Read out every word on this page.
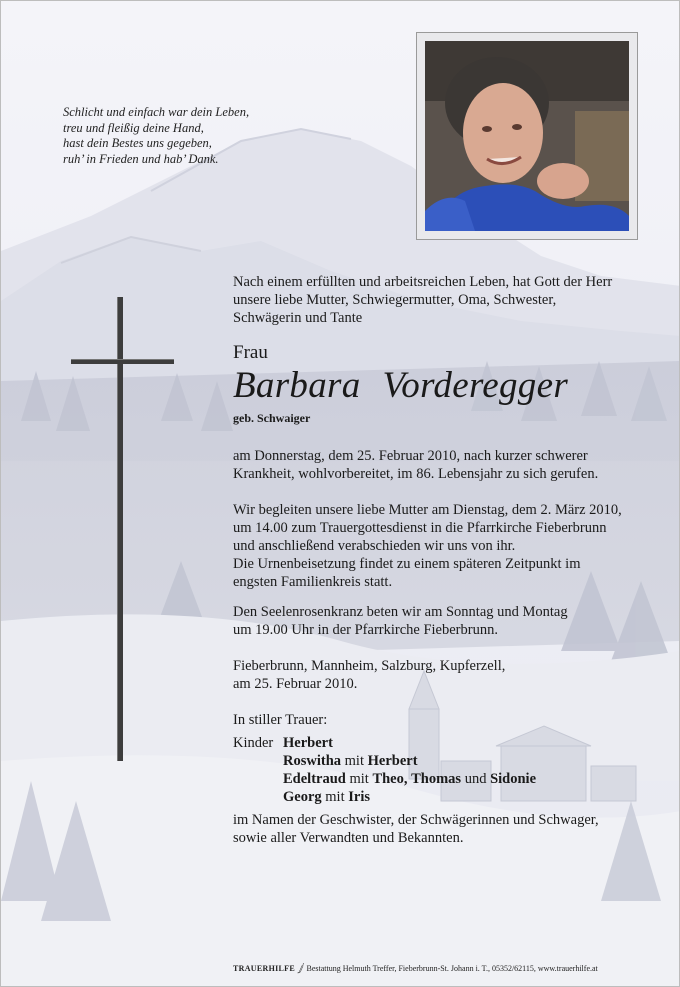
Schlicht und einfach war dein Leben,
treu und fleißig deine Hand,
hast dein Bestes uns gegeben,
ruh’ in Frieden und hab’ Dank.
Nach einem erfüllten und arbeitsreichen Leben, hat Gott der Herr
unsere liebe Mutter, Schwiegermutter, Oma, Schwester,
Schwägerin und Tante
Frau
Barbara Vorderegger
geb. Schwaiger
am Donnerstag, dem 25. Februar 2010, nach kurzer schwerer
Krankheit, wohlvorbereitet, im 86. Lebensjahr zu sich gerufen.
Wir begleiten unsere liebe Mutter am Dienstag, dem 2. März 2010,
um 14.00 zum Trauergottesdienst in die Pfarrkirche Fieberbrunn
und anschließend verabschieden wir uns von ihr.
Die Urnenbeisetzung findet zu einem späteren Zeitpunkt im
engsten Familienkreis statt.
Den Seelenrosenkranz beten wir am Sonntag und Montag
um 19.00 Uhr in der Pfarrkirche Fieberbrunn.
Fieberbrunn, Mannheim, Salzburg, Kupferzell,
am 25. Februar 2010.
In stiller Trauer:
Kinder Herbert
Roswitha mit Herbert
Edeltraud mit Theo, Thomas und Sidonie
Georg mit Iris
im Namen der Geschwister, der Schwägerinnen und Schwager,
sowie aller Verwandten und Bekannten.
TRAUERHILFE ⅉ Bestattung Helmuth Treffer, Fieberbrunn-St. Johann i. T., 05352/62115, www.trauerhilfe.at
